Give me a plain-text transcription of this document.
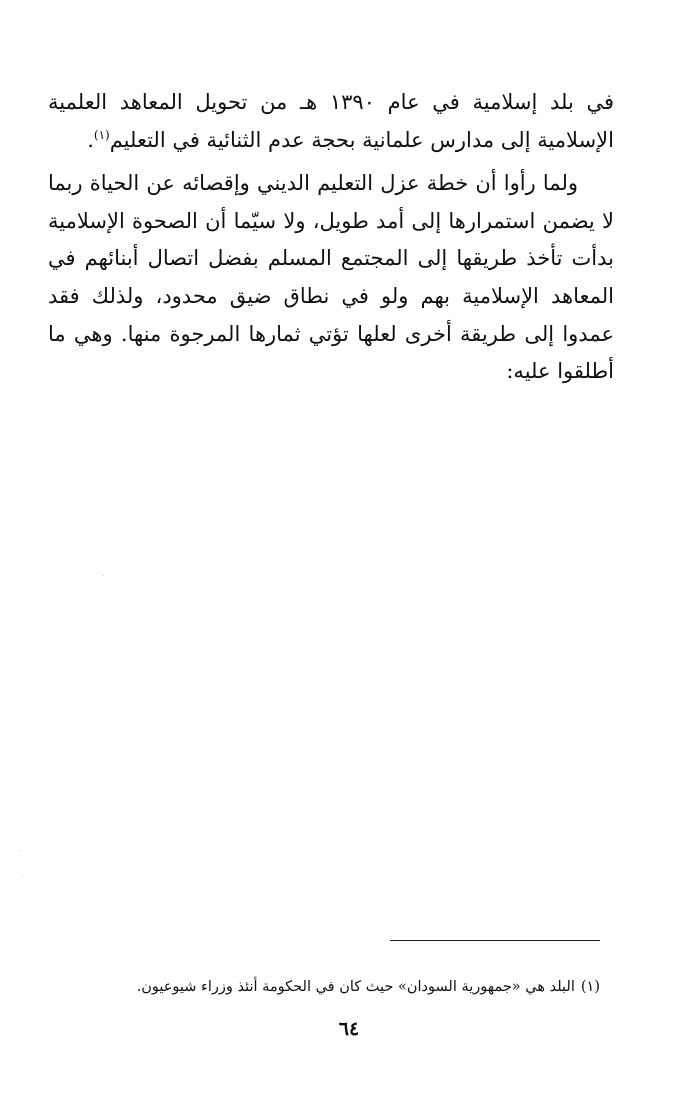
في بلد إسلامية في عام ١٣٩٠ هـ من تحويل المعاهد العلمية الإسلامية إلى مدارس علمانية بحجة عدم الثنائية في التعليم$^{(١)}$.

ولما رأوا أن خطة عزل التعليم الديني وإقصائه عن الحياة ربما لا يضمن استمرارها إلى أمد طويل، ولا سيّما أن الصحوة الإسلامية بدأت تأخذ طريقها إلى المجتمع المسلم بفضل اتصال أبنائهم في المعاهد الإسلامية بهم ولو في نطاق ضيق محدود، ولذلك فقد عمدوا إلى طريقة أخرى لعلها تؤتي ثمارها المرجوة منها. وهي ما أطلقوا عليه:

(١)البلد هي «جمهورية السودان» حيث كان في الحكومة أنئذ وزراء شيوعيون.

٦٤
